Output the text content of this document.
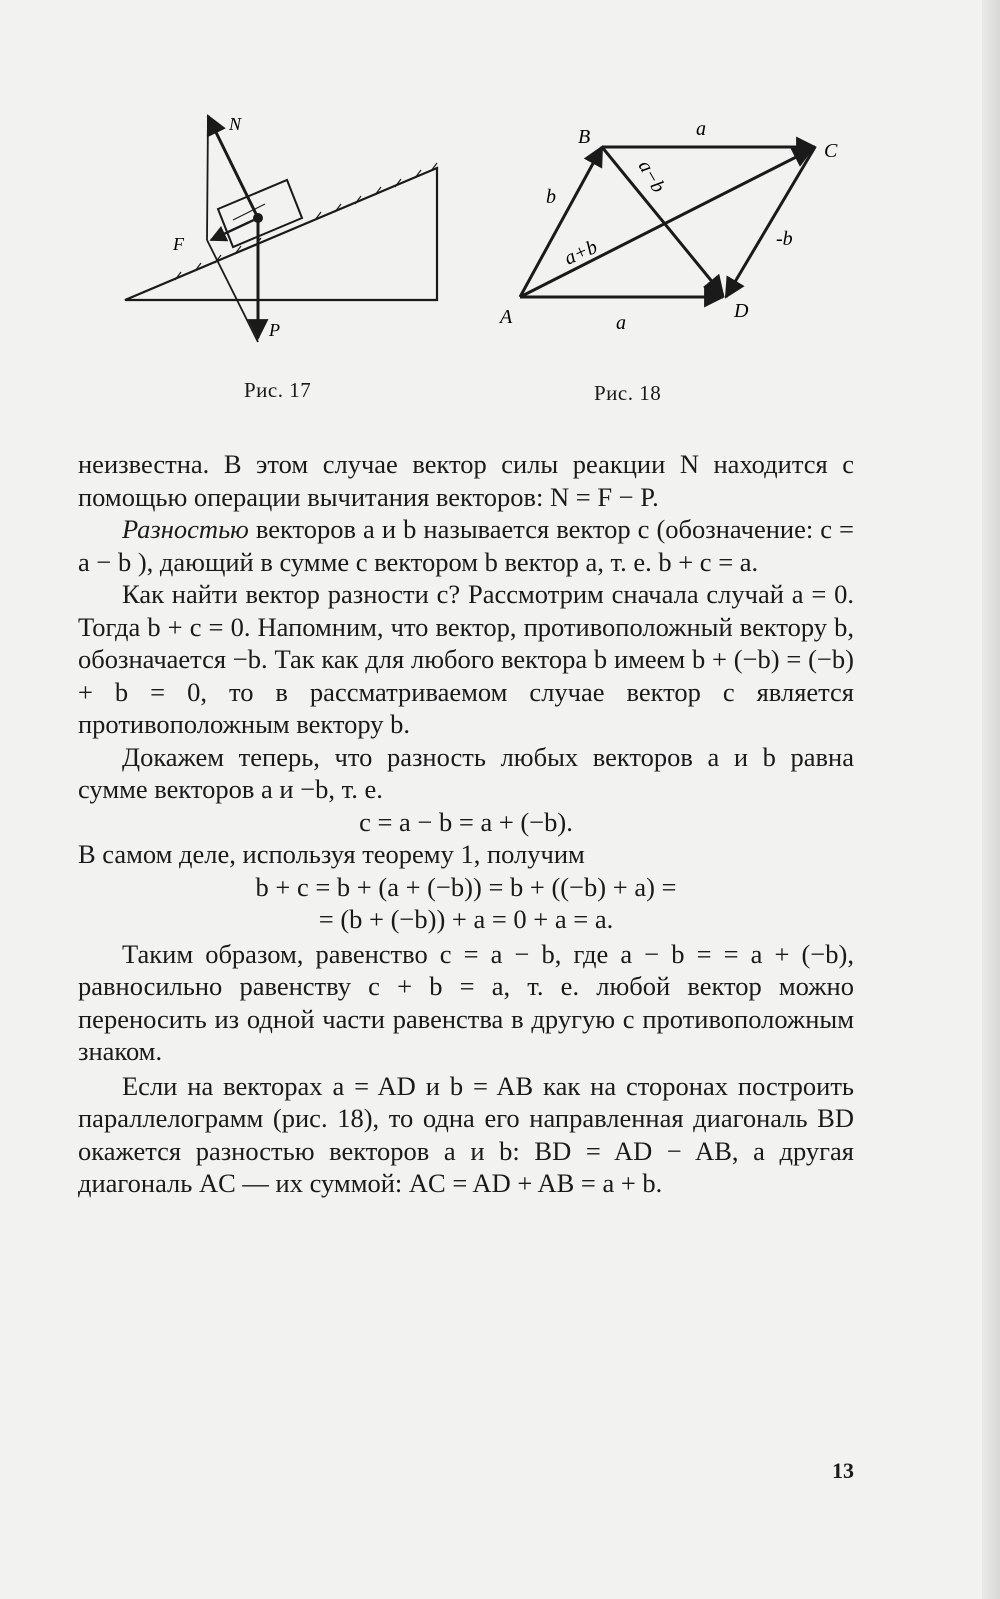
N
F
P
Рис. 17
B
C
A	D
a
a
b
-b
a+b
a−b
Рис. 18

неизвестна. В этом случае вектор силы реакции N находится с помощью операции вычитания векторов: N = F − P.

Разностью векторов a и b называется вектор c (обозначение: c = a − b ), дающий в сумме с вектором b вектор a, т. е. b + c = a.

Как найти вектор разности c? Рассмотрим сначала случай a = 0. Тогда b + c = 0. Напомним, что вектор, противоположный вектору b, обозначается −b. Так как для любого вектора b имеем b + (−b) = (−b) + b = 0, то в рассматриваемом случае вектор c является противоположным вектору b.

Докажем теперь, что разность любых векторов a и b равна сумме векторов a и −b, т. е.

c = a − b = a + (−b).

В самом деле, используя теорему 1, получим

b + c = b + (a + (−b)) = b + ((−b) + a) =

= (b + (−b)) + a = 0 + a = a.

Таким образом, равенство c = a − b, где a − b = = a + (−b), равносильно равенству c + b = a, т. е. любой вектор можно переносить из одной части равенства в другую с противоположным знаком.

Если на векторах a = AD и b = AB как на сторонах построить параллелограмм (рис. 18), то одна его направленная диагональ BD окажется разностью векторов a и b: BD = AD − AB, а другая диагональ AC — их суммой: AC = AD + AB = a + b.

13
